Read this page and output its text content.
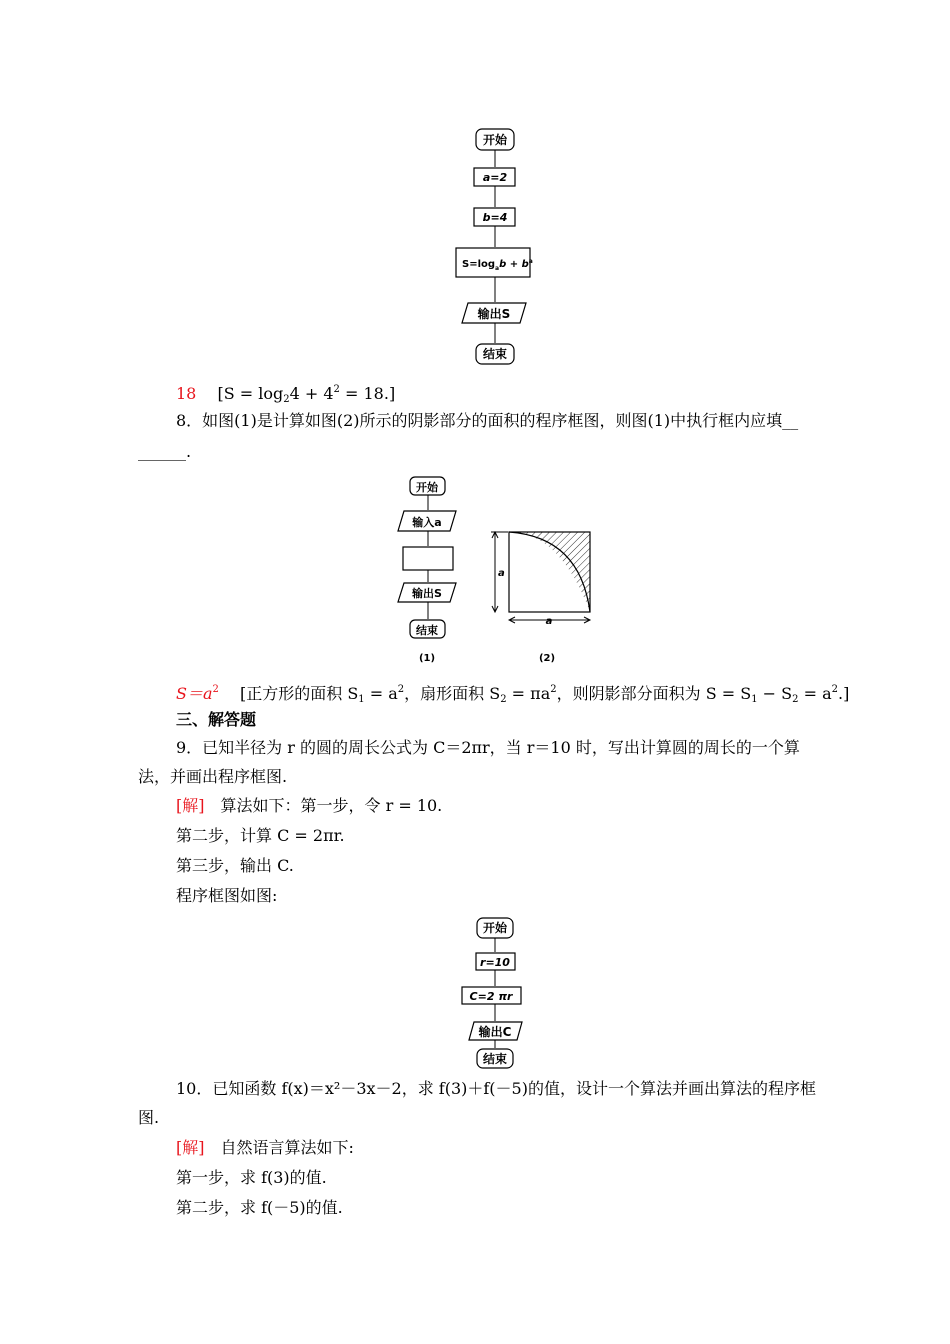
开始
a=2
b=4
$S=\log_ab + b^a$
输出S
结束
18　 $[S = \log_24 + 4^2 = 18.]$
8．如图(1)是计算如图(2)所示的阴影部分的面积的程序框图，则图(1)中执行框内应填__
______.
开始
输入a
输出S
结束
(1)
a
a
(2)
$S=a^2$　 [正方形的面积 $S_1 = a^2$，扇形面积 $S_2 = \pi a^2$，则阴影部分面积为 $S = S_1 - S_2 = a^2$.]
三、解答题
9．已知半径为 r 的圆的周长公式为 C＝2πr，当 r＝10 时，写出计算圆的周长的一个算
法，并画出程序框图.
[解]　算法如下：第一步，令 r = 10.
第二步，计算 C = 2πr.
第三步，输出 C.
程序框图如图:
开始
r=10
C=2 πr
输出C
结束
10．已知函数 f(x)＝x²－3x－2，求 f(3)＋f(－5)的值，设计一个算法并画出算法的程序框
图.
[解]　自然语言算法如下:
第一步，求 f(3)的值.
第二步，求 f(－5)的值.
